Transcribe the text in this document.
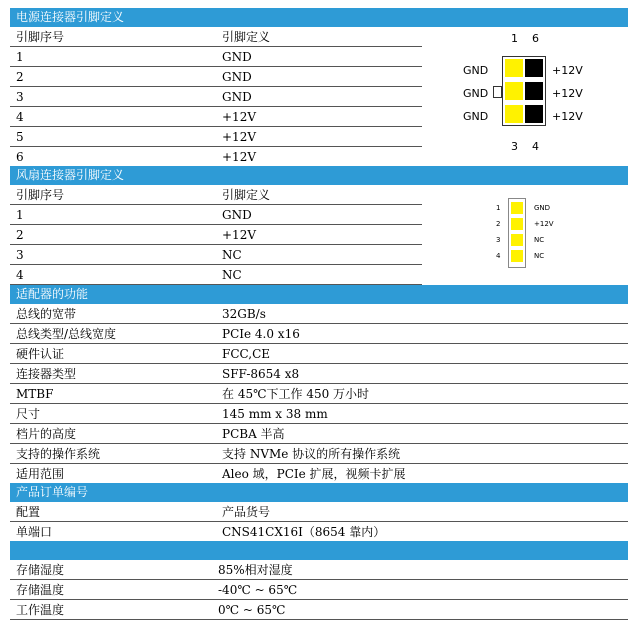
电源连接器引脚定义
引脚序号	引脚定义
1	GND
2	GND
3	GND
4	+12V
5	+12V
6	+12V
1 6
GND
GND
GND
+12V
+12V
+12V
3 4
风扇连接器引脚定义
引脚序号	引脚定义
1	GND
2	+12V
3	NC
4	NC
1
2
3
4
GND
+12V
NC
NC
适配器的功能
总线的宽带	32GB/s
总线类型/总线宽度	PCIe 4.0 x16
硬件认证	FCC,CE
连接器类型	SFF-8654 x8
MTBF	在 45℃下工作 450 万小时
尺寸	145 mm x 38 mm
档片的高度	PCBA 半高
支持的操作系统	支持 NVMe 协议的所有操作系统
适用范围	Aleo 域，PCIe 扩展，视频卡扩展
产品订单编号
配置	产品货号
单端口	CNS41CX16I（8654 靠内）
存储湿度	85%相对湿度
存储温度	-40℃ ~ 65℃
工作温度	0℃ ~ 65℃
